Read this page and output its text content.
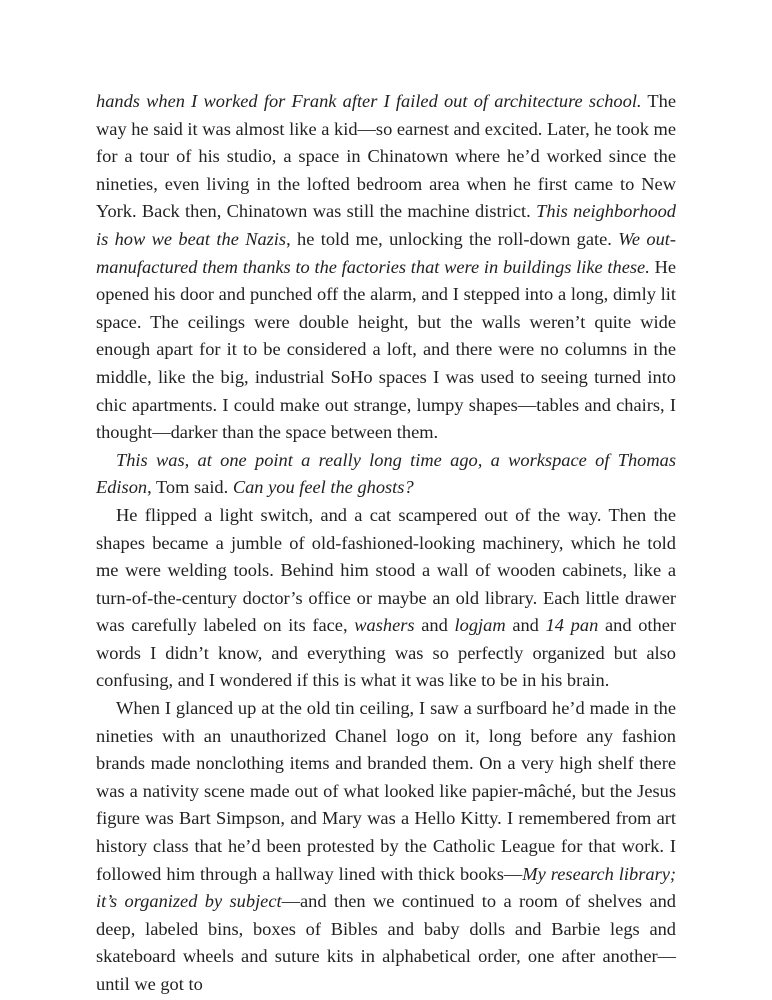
hands when I worked for Frank after I failed out of architecture school. The way he said it was almost like a kid—so earnest and excited. Later, he took me for a tour of his studio, a space in Chinatown where he’d worked since the nineties, even living in the lofted bedroom area when he first came to New York. Back then, Chinatown was still the machine district. This neighborhood is how we beat the Nazis, he told me, unlocking the roll-down gate. We out-manufactured them thanks to the factories that were in buildings like these. He opened his door and punched off the alarm, and I stepped into a long, dimly lit space. The ceilings were double height, but the walls weren’t quite wide enough apart for it to be considered a loft, and there were no columns in the middle, like the big, industrial SoHo spaces I was used to seeing turned into chic apartments. I could make out strange, lumpy shapes—tables and chairs, I thought—darker than the space between them.

This was, at one point a really long time ago, a workspace of Thomas Edison, Tom said. Can you feel the ghosts?

He flipped a light switch, and a cat scampered out of the way. Then the shapes became a jumble of old-fashioned-looking machinery, which he told me were welding tools. Behind him stood a wall of wooden cabinets, like a turn-of-the-century doctor’s office or maybe an old library. Each little drawer was carefully labeled on its face, washers and logjam and 14 pan and other words I didn’t know, and everything was so perfectly organized but also confusing, and I wondered if this is what it was like to be in his brain.

When I glanced up at the old tin ceiling, I saw a surfboard he’d made in the nineties with an unauthorized Chanel logo on it, long before any fashion brands made nonclothing items and branded them. On a very high shelf there was a nativity scene made out of what looked like papier-mâché, but the Jesus figure was Bart Simpson, and Mary was a Hello Kitty. I remembered from art history class that he’d been protested by the Catholic League for that work. I followed him through a hallway lined with thick books—My research library; it’s organized by subject—and then we continued to a room of shelves and deep, labeled bins, boxes of Bibles and baby dolls and Barbie legs and skateboard wheels and suture kits in alphabetical order, one after another—until we got to
